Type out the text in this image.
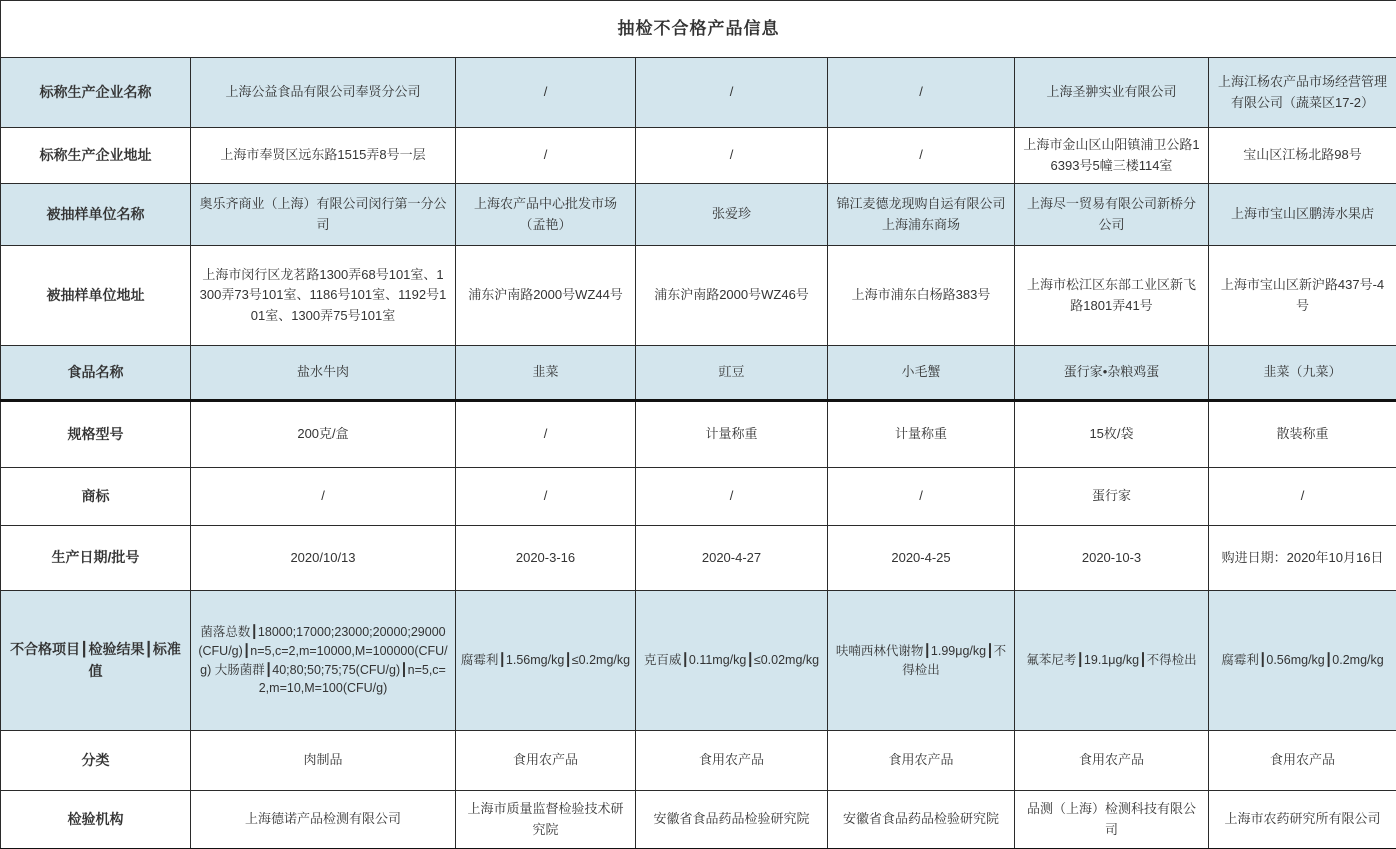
抽检不合格产品信息						
标称生产企业名称	上海公益食品有限公司奉贤分公司	/	/	/	上海圣翀实业有限公司	上海江杨农产品市场经营管理有限公司（蔬菜区17-2）
标称生产企业地址	上海市奉贤区远东路1515弄8号一层	/	/	/	上海市金山区山阳镇浦卫公路16393号5幢三楼114室	宝山区江杨北路98号
被抽样单位名称	奥乐齐商业（上海）有限公司闵行第一分公司	上海农产品中心批发市场（孟艳）	张爱珍	锦江麦德龙现购自运有限公司上海浦东商场	上海尽一贸易有限公司新桥分公司	上海市宝山区鹏涛水果店
被抽样单位地址	上海市闵行区龙茗路1300弄68号101室、1300弄73号101室、1186号101室、1192号101室、1300弄75号101室	浦东沪南路2000号WZ44号	浦东沪南路2000号WZ46号	上海市浦东白杨路383号	上海市松江区东部工业区新飞路1801弄41号	上海市宝山区新沪路437号-4号
食品名称	盐水牛肉	韭菜	豇豆	小毛蟹	蛋行家•杂粮鸡蛋	韭菜（九菜）
规格型号	200克/盒	/	计量称重	计量称重	15枚/袋	散装称重
商标	/	/	/	/	蛋行家	/
生产日期/批号	2020/10/13	2020-3-16	2020-4-27	2020-4-25	2020-10-3	购进日期：2020年10月16日
不合格项目┃检验结果┃标准值	菌落总数┃18000;17000;23000;20000;29000(CFU/g)┃n=5,c=2,m=10000,M=100000(CFU/g) 大肠菌群┃40;80;50;75;75(CFU/g)┃n=5,c=2,m=10,M=100(CFU/g)	腐霉利┃1.56mg/kg┃≤0.2mg/kg	克百威┃0.11mg/kg┃≤0.02mg/kg	呋喃西林代谢物┃1.99μg/kg┃不得检出	氟苯尼考┃19.1μg/kg┃不得检出	腐霉利┃0.56mg/kg┃0.2mg/kg
分类	肉制品	食用农产品	食用农产品	食用农产品	食用农产品	食用农产品
检验机构	上海德诺产品检测有限公司	上海市质量监督检验技术研究院	安徽省食品药品检验研究院	安徽省食品药品检验研究院	品测（上海）检测科技有限公司	上海市农药研究所有限公司
